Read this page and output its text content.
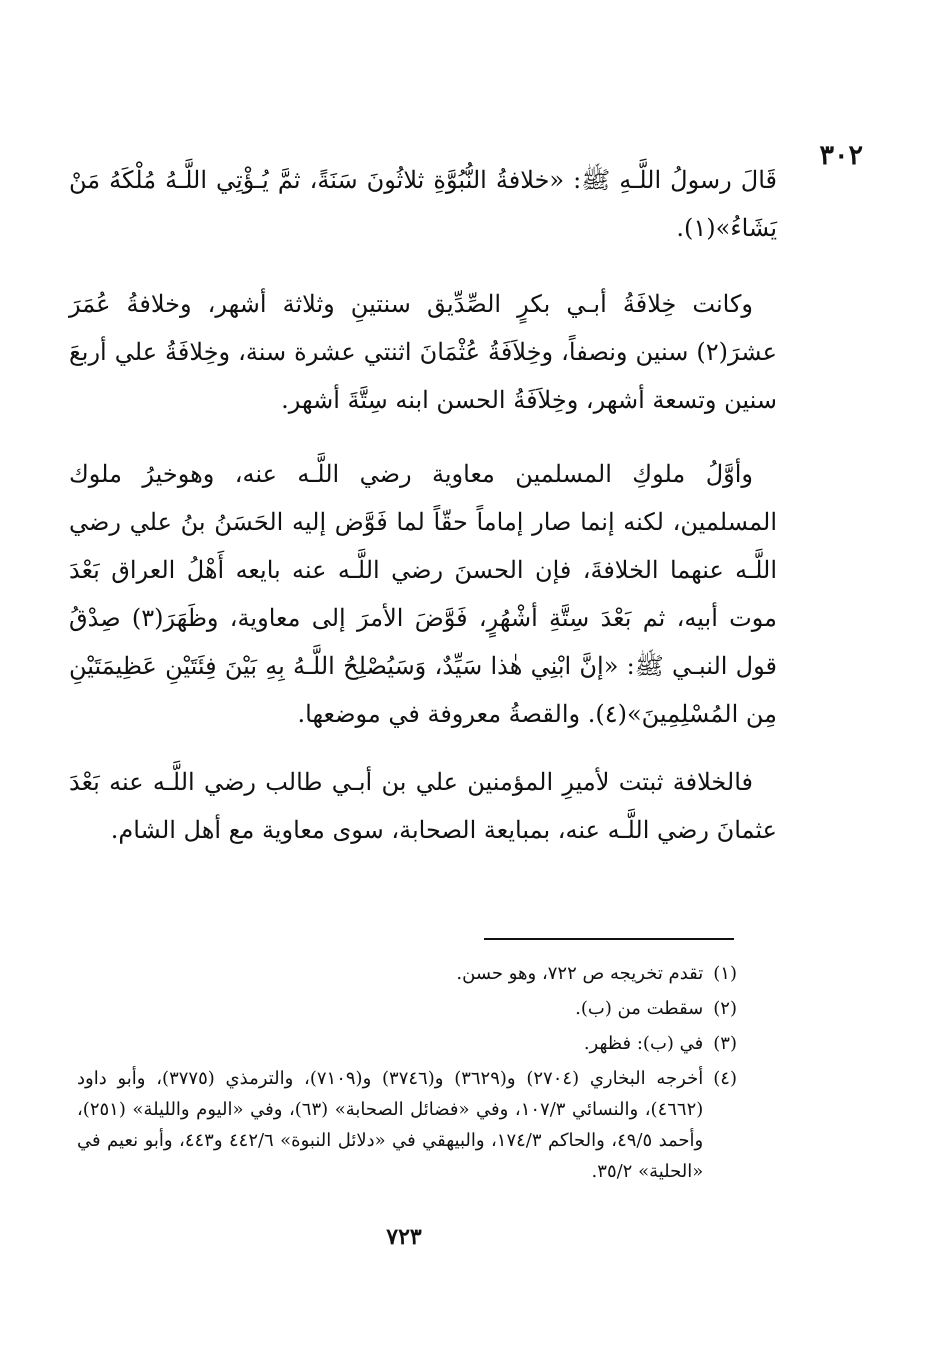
٣٠٢

قَالَ رسولُ اللَّـهِ ﷺ: «خلافةُ النُّبُوَّةِ ثلاثُونَ سَنَةً، ثمَّ يُـؤْتِي اللَّـهُ مُلْكَهُ مَنْ يَشَاءُ»(١).

وكانت خِلافَةُ أبـي بكرٍ الصِّدِّيق سنتينِ وثلاثة أشهر، وخلافةُ عُمَرَ عشرَ(٢) سنين ونصفاً، وخِلاَفَةُ عُثْمَانَ اثنتي عشرة سنة، وخِلافَةُ علي أربعَ سنين وتسعة أشهر، وخِلاَفَةُ الحسن ابنه سِتَّةَ أشهر.

وأوَّلُ ملوكِ المسلمين معاوية رضي اللَّـه عنه، وهوخيرُ ملوك المسلمين، لكنه إنما صار إماماً حقّاً لما فَوَّض إليه الحَسَنُ بنُ علي رضي اللَّـه عنهما الخلافةَ، فإن الحسنَ رضي اللَّـه عنه بايعه أَهْلُ العراق بَعْدَ موت أبيه، ثم بَعْدَ سِتَّةِ أشْهُرٍ، فَوَّضَ الأمرَ إلى معاوية، وظَهَرَ(٣) صِدْقُ قول النبـي ﷺ: «إنَّ ابْنِي هٰذا سَيِّدٌ، وَسَيُصْلِحُ اللَّـهُ بِهِ بَيْنَ فِئَتَيْنِ عَظِيمَتَيْنِ مِن المُسْلِمِينَ»(٤). والقصةُ معروفة في موضعها.

فالخلافة ثبتت لأميرِ المؤمنين علي بن أبـي طالب رضي اللَّـه عنه بَعْدَ عثمانَ رضي اللَّـه عنه، بمبايعة الصحابة، سوى معاوية مع أهل الشام.

(١)
تقدم تخريجه ص ٧٢٢، وهو حسن.
(٢)
سقطت من (ب).
(٣)
في (ب): فظهر.
(٤)
أخرجه البخاري (٢٧٠٤) و(٣٦٢٩) و(٣٧٤٦) و(٧١٠٩)، والترمذي (٣٧٧٥)، وأبو داود (٤٦٦٢)، والنسائي ١٠٧/٣، وفي «فضائل الصحابة» (٦٣)، وفي «اليوم والليلة» (٢٥١)، وأحمد ٤٩/٥، والحاكم ١٧٤/٣، والبيهقي في «دلائل النبوة» ٤٤٢/٦ و٤٤٣، وأبو نعيم في «الحلية» ٣٥/٢.
٧٢٣
